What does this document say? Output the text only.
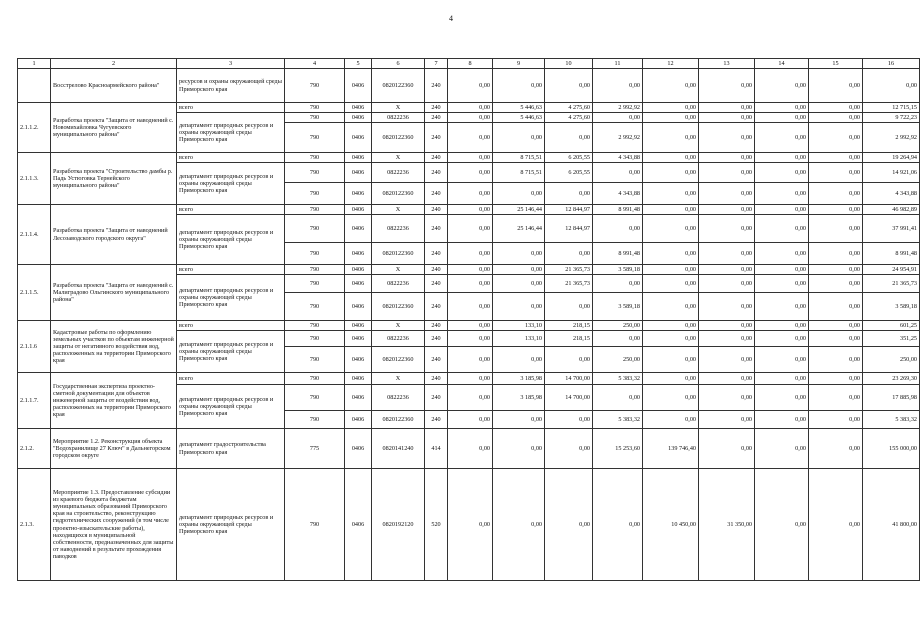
4
1	2	3	4	5	6	7	8	9	10	11	12	13	14	15	16
	Восстрелово Красноармейского района"	ресурсов и охраны окружающей среды Приморского края	790	0406	0820122360	240	0,00	0,00	0,00	0,00	0,00	0,00	0,00	0,00	0,00
2.1.1.2.	Разработка проекта "Защита от наводнений с. Новомихайловка Чугуевского муниципального района"	всего	790	0406	X	240	0,00	5 446,63	4 275,60	2 992,92	0,00	0,00	0,00	0,00	12 715,15
		департамент природных ресурсов и охраны окружающей среды Приморского края	790	0406	0822236	240	0,00	5 446,63	4 275,60	0,00	0,00	0,00	0,00	0,00	9 722,23
			790	0406	0820122360	240	0,00	0,00	0,00	2 992,92	0,00	0,00	0,00	0,00	2 992,92
2.1.1.3.	Разработка проекта "Строительство дамбы р. Падь Устюговка Тернейского муниципального района"	всего	790	0406	X	240	0,00	8 715,51	6 205,55	4 343,88	0,00	0,00	0,00	0,00	19 264,94
		департамент природных ресурсов и охраны окружающей среды Приморского края	790	0406	0822236	240	0,00	8 715,51	6 205,55	0,00	0,00	0,00	0,00	0,00	14 921,06
			790	0406	0820122360	240	0,00	0,00	0,00	4 343,88	0,00	0,00	0,00	0,00	4 343,88
2.1.1.4.	Разработка проекта "Защита от наводнений Лесозаводского городского округа"	всего	790	0406	X	240	0,00	25 146,44	12 844,97	8 991,48	0,00	0,00	0,00	0,00	46 982,89
		департамент природных ресурсов и охраны окружающей среды Приморского края	790	0406	0822236	240	0,00	25 146,44	12 844,97	0,00	0,00	0,00	0,00	0,00	37 991,41
			790	0406	0820122360	240	0,00	0,00	0,00	8 991,48	0,00	0,00	0,00	0,00	8 991,48
2.1.1.5.	Разработка проекта "Защита от наводнений с. Малиградово Ольгинского муниципального района"	всего	790	0406	X	240	0,00	0,00	21 365,73	3 589,18	0,00	0,00	0,00	0,00	24 954,91
		департамент природных ресурсов и охраны окружающей среды Приморского края	790	0406	0822236	240	0,00	0,00	21 365,73	0,00	0,00	0,00	0,00	0,00	21 365,73
			790	0406	0820122360	240	0,00	0,00	0,00	3 589,18	0,00	0,00	0,00	0,00	3 589,18
2.1.1.6	Кадастровые работы по оформлению земельных участков по объектам инженерной защиты от негативного воздействия вод, расположенных на территории Приморского края	всего	790	0406	X	240	0,00	133,10	218,15	250,00	0,00	0,00	0,00	0,00	601,25
		департамент природных ресурсов и охраны окружающей среды Приморского края	790	0406	0822236	240	0,00	133,10	218,15	0,00	0,00	0,00	0,00	0,00	351,25
			790	0406	0820122360	240	0,00	0,00	0,00	250,00	0,00	0,00	0,00	0,00	250,00
2.1.1.7.	Государственная экспертиза проектно-сметной документации для объектов инженерной защиты от воздействия вод, расположенных на территории Приморского края	всего	790	0406	X	240	0,00	3 185,98	14 700,00	5 383,32	0,00	0,00	0,00	0,00	23 269,30
		департамент природных ресурсов и охраны окружающей среды Приморского края	790	0406	0822236	240	0,00	3 185,98	14 700,00	0,00	0,00	0,00	0,00	0,00	17 885,98
			790	0406	0820122360	240	0,00	0,00	0,00	5 383,32	0,00	0,00	0,00	0,00	5 383,32
2.1.2.	Мероприятие 1.2. Реконструкция объекта "Водохранилище 27 Ключ" в Дальнегорском городском округе	департамент градостроительства Приморского края	775	0406	0820141240	414	0,00	0,00	0,00	15 253,60	139 746,40	0,00	0,00	0,00	155 000,00
2.1.3.	Мероприятие 1.3. Предоставление субсидии из краевого бюджета бюджетам муниципальных образований Приморского края на строительство, реконструкцию гидротехнических сооружений (в том числе проектно-изыскательские работы), находящихся в муниципальной собственности, предназначенных для защиты от наводнений в результате прохождения паводков	департамент природных ресурсов и охраны окружающей среды Приморского края	790	0406	0820192120	520	0,00	0,00	0,00	0,00	10 450,00	31 350,00	0,00	0,00	41 800,00
